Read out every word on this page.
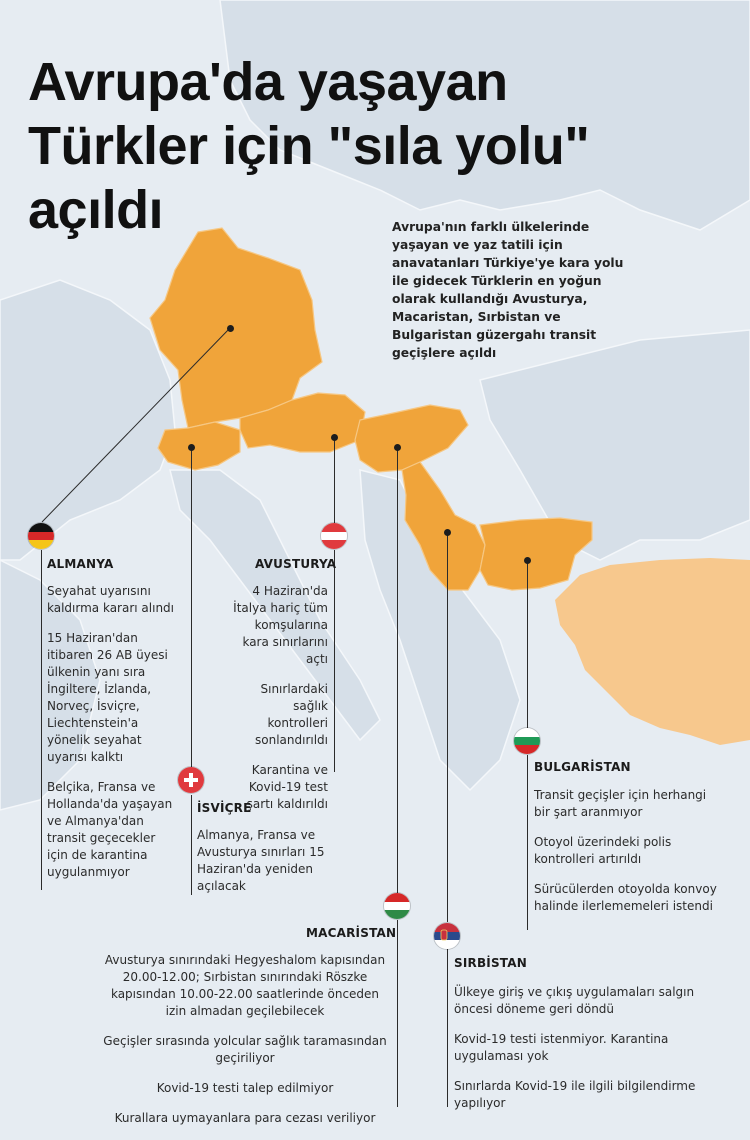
Avrupa'da yaşayan
Türkler için "sıla yolu"
açıldı	Avrupa'nın farklı ülkelerinde yaşayan ve yaz tatili için anavatanları Türkiye'ye kara yolu ile gidecek Türklerin en yoğun olarak kullandığı Avusturya, Macaristan, Sırbistan ve Bulgaristan güzergahı transit geçişlere açıldı
ALMANYA

Seyahat uyarısını kaldırma kararı alındı

15 Haziran'dan itibaren 26 AB üyesi ülkenin yanı sıra İngiltere, İzlanda, Norveç, İsviçre, Liechtenstein'a yönelik seyahat uyarısı kalktı

Belçika, Fransa ve Hollanda'da yaşayan ve Almanya'dan transit geçecekler için de karantina uygulanmıyor

AVUSTURYA

4 Haziran'da İtalya hariç tüm komşularına kara sınırlarını açtı

Sınırlardaki sağlık kontrolleri sonlandırıldı

Karantina ve Kovid-19 test şartı kaldırıldı

İSVİÇRE

Almanya, Fransa ve Avusturya sınırları 15 Haziran'da yeniden açılacak

BULGARİSTAN

Transit geçişler için herhangi bir şart aranmıyor

Otoyol üzerindeki polis kontrolleri artırıldı

Sürücülerden otoyolda konvoy halinde ilerlememeleri istendi

MACARİSTAN

Avusturya sınırındaki Hegyeshalom kapısından 20.00-12.00; Sırbistan sınırındaki Röszke kapısından 10.00-22.00 saatlerinde önceden izin almadan geçilebilecek

Geçişler sırasında yolcular sağlık taramasından geçiriliyor

Kovid-19 testi talep edilmiyor

Kurallara uymayanlara para cezası veriliyor

SIRBİSTAN

Ülkeye giriş ve çıkış uygulamaları salgın öncesi döneme geri döndü

Kovid-19 testi istenmiyor. Karantina uygulaması yok

Sınırlarda Kovid-19 ile ilgili bilgilendirme yapılıyor
